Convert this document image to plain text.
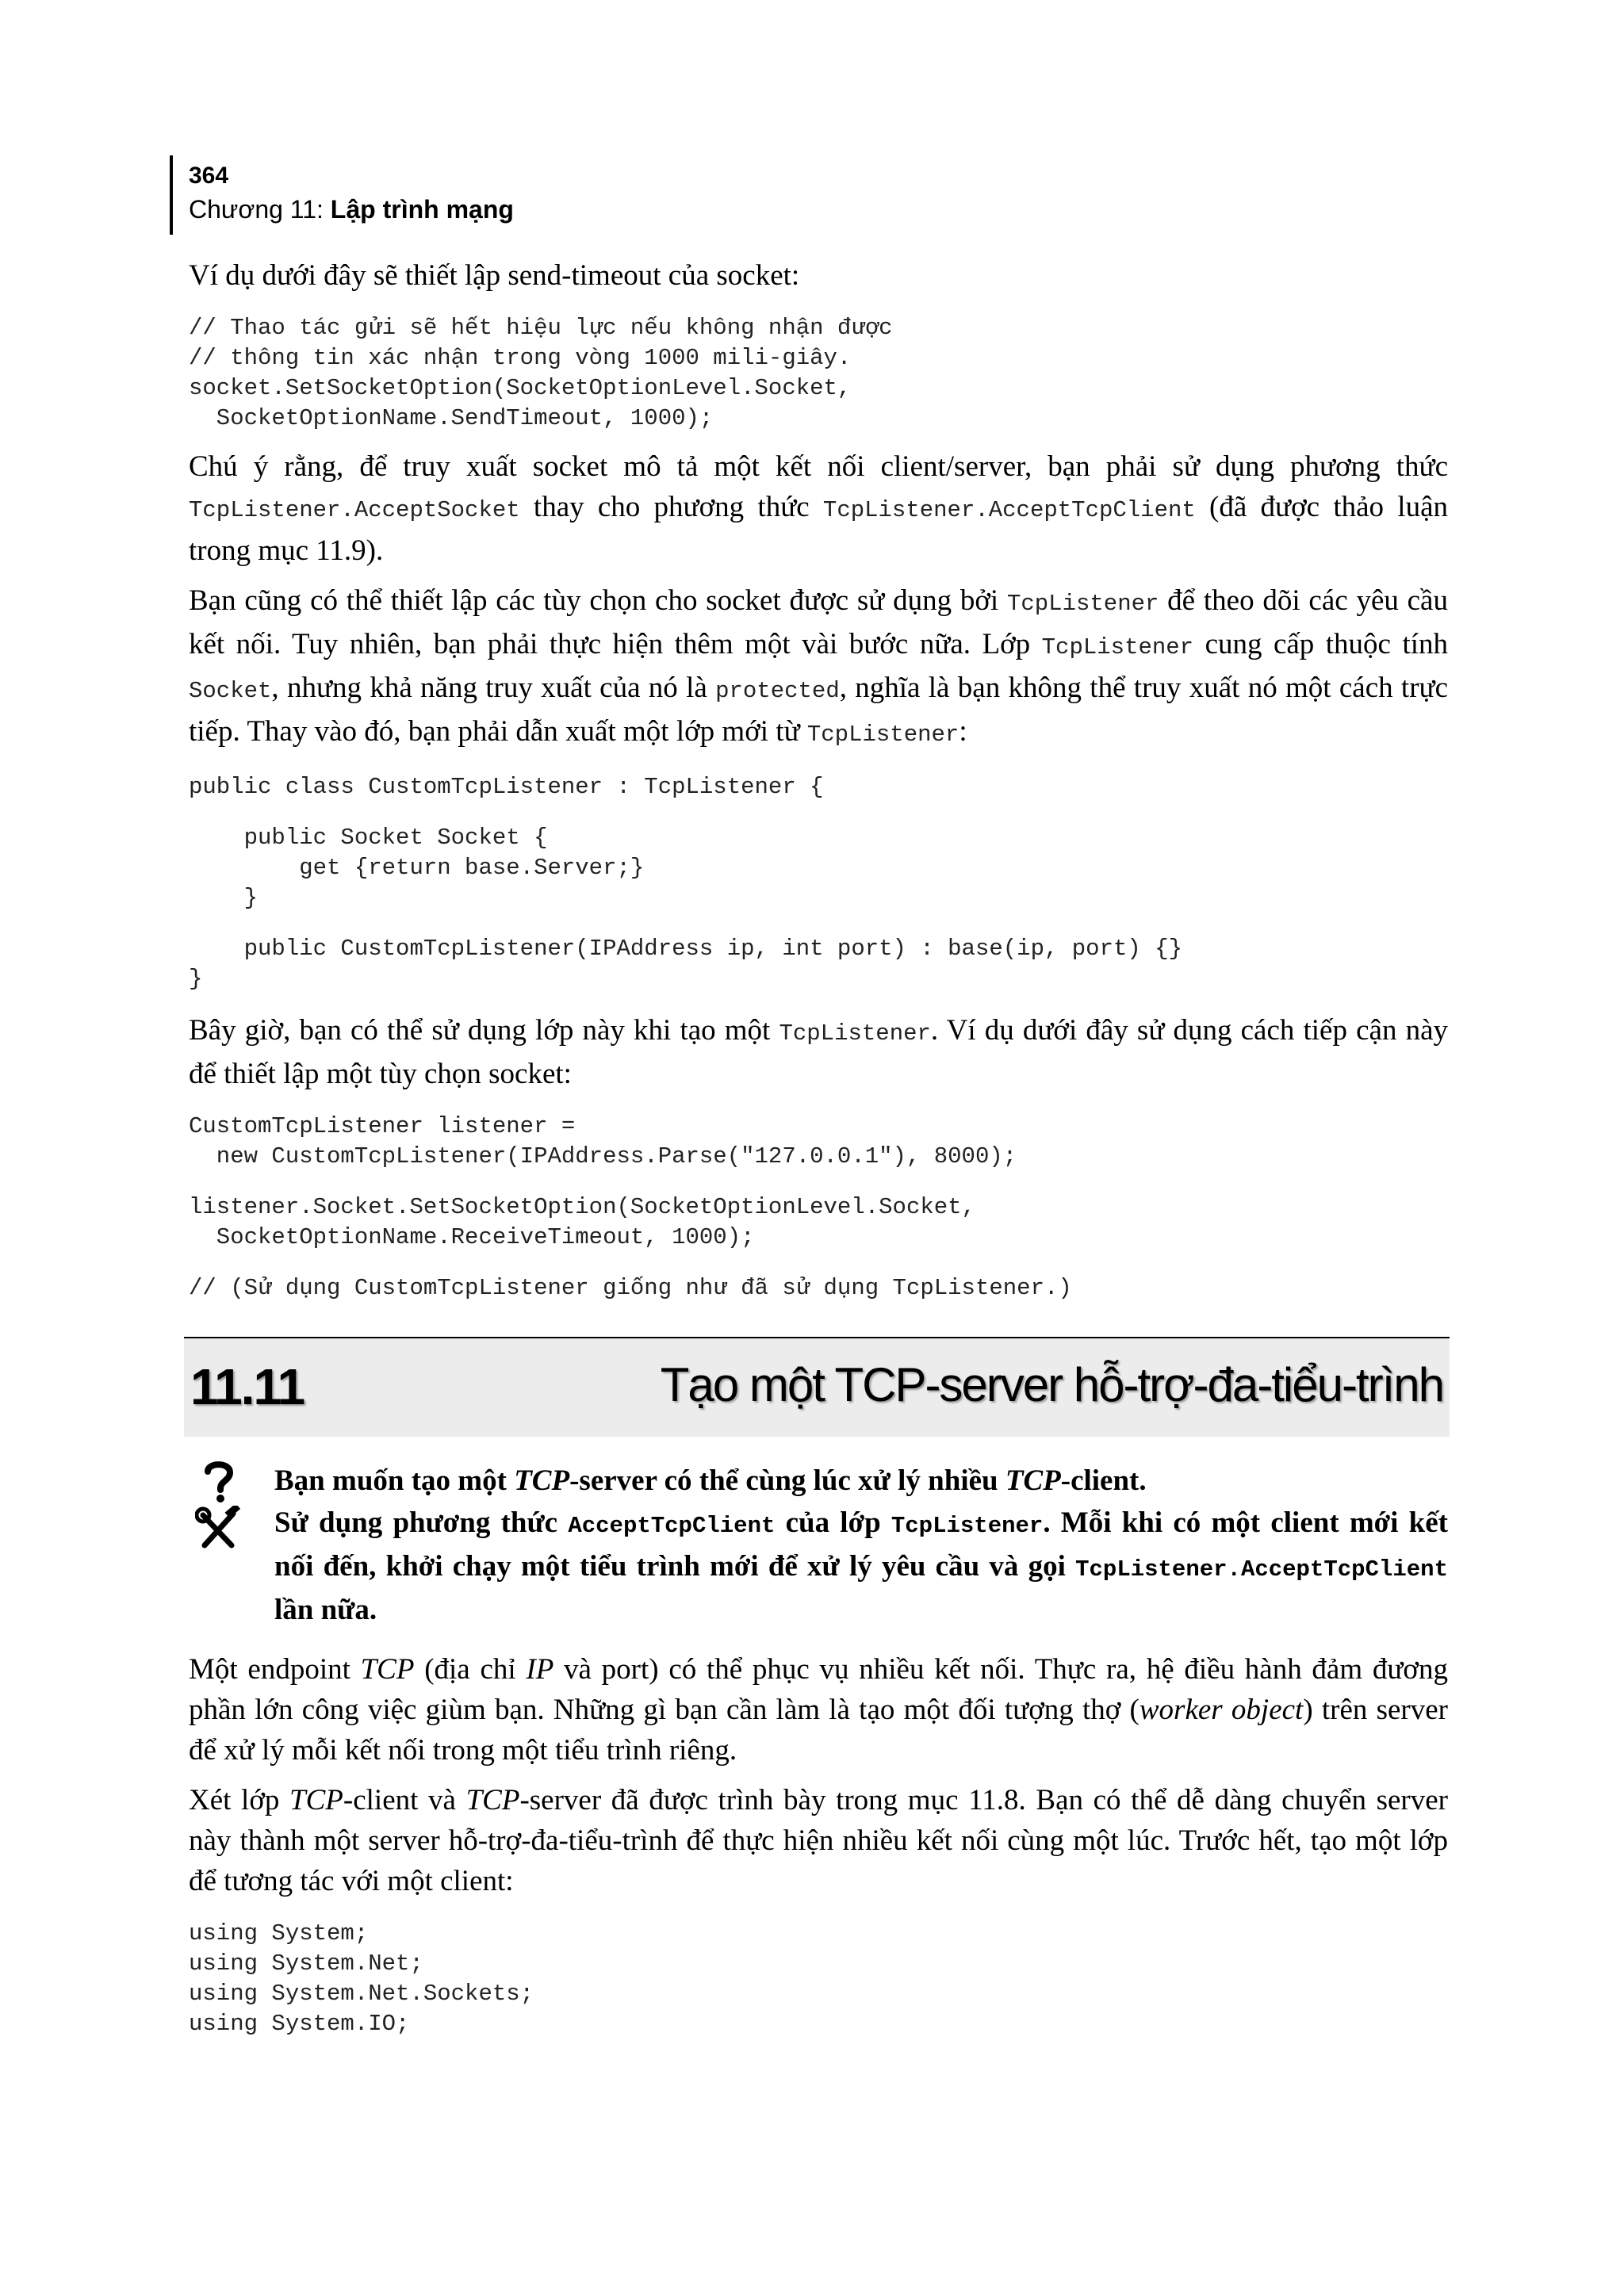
364
Chương 11: Lập trình mạng

Ví dụ dưới đây sẽ thiết lập send-timeout của socket:

// Thao tác gửi sẽ hết hiệu lực nếu không nhận được
// thông tin xác nhận trong vòng 1000 mili-giây.
socket.SetSocketOption(SocketOptionLevel.Socket,
SocketOptionName.SendTimeout, 1000);

Chú ý rằng, để truy xuất socket mô tả một kết nối client/server, bạn phải sử dụng phương thức TcpListener.AcceptSocket thay cho phương thức TcpListener.AcceptTcpClient (đã được thảo luận trong mục 11.9).

Bạn cũng có thể thiết lập các tùy chọn cho socket được sử dụng bởi TcpListener để theo dõi các yêu cầu kết nối. Tuy nhiên, bạn phải thực hiện thêm một vài bước nữa. Lớp TcpListener cung cấp thuộc tính Socket, nhưng khả năng truy xuất của nó là protected, nghĩa là bạn không thể truy xuất nó một cách trực tiếp. Thay vào đó, bạn phải dẫn xuất một lớp mới từ TcpListener:

public class CustomTcpListener : TcpListener {
public Socket Socket {
get {return base.Server;}
}
public CustomTcpListener(IPAddress ip, int port) : base(ip, port) {}
}

Bây giờ, bạn có thể sử dụng lớp này khi tạo một TcpListener. Ví dụ dưới đây sử dụng cách tiếp cận này để thiết lập một tùy chọn socket:

CustomTcpListener listener =
new CustomTcpListener(IPAddress.Parse("127.0.0.1"), 8000);
listener.Socket.SetSocketOption(SocketOptionLevel.Socket,
SocketOptionName.ReceiveTimeout, 1000);
// (Sử dụng CustomTcpListener giống như đã sử dụng TcpListener.)
11.11	Tạo một TCP-server hỗ-trợ-đa-tiểu-trình

Bạn muốn tạo một TCP-server có thể cùng lúc xử lý nhiều TCP-client.

Sử dụng phương thức AcceptTcpClient của lớp TcpListener. Mỗi khi có một client mới kết nối đến, khởi chạy một tiểu trình mới để xử lý yêu cầu và gọi TcpListener.AcceptTcpClient lần nữa.

Một endpoint TCP (địa chỉ IP và port) có thể phục vụ nhiều kết nối. Thực ra, hệ điều hành đảm đương phần lớn công việc giùm bạn. Những gì bạn cần làm là tạo một đối tượng thợ (worker object) trên server để xử lý mỗi kết nối trong một tiểu trình riêng.

Xét lớp TCP-client và TCP-server đã được trình bày trong mục 11.8. Bạn có thể dễ dàng chuyển server này thành một server hỗ-trợ-đa-tiểu-trình để thực hiện nhiều kết nối cùng một lúc. Trước hết, tạo một lớp để tương tác với một client:

using System;
using System.Net;
using System.Net.Sockets;
using System.IO;
